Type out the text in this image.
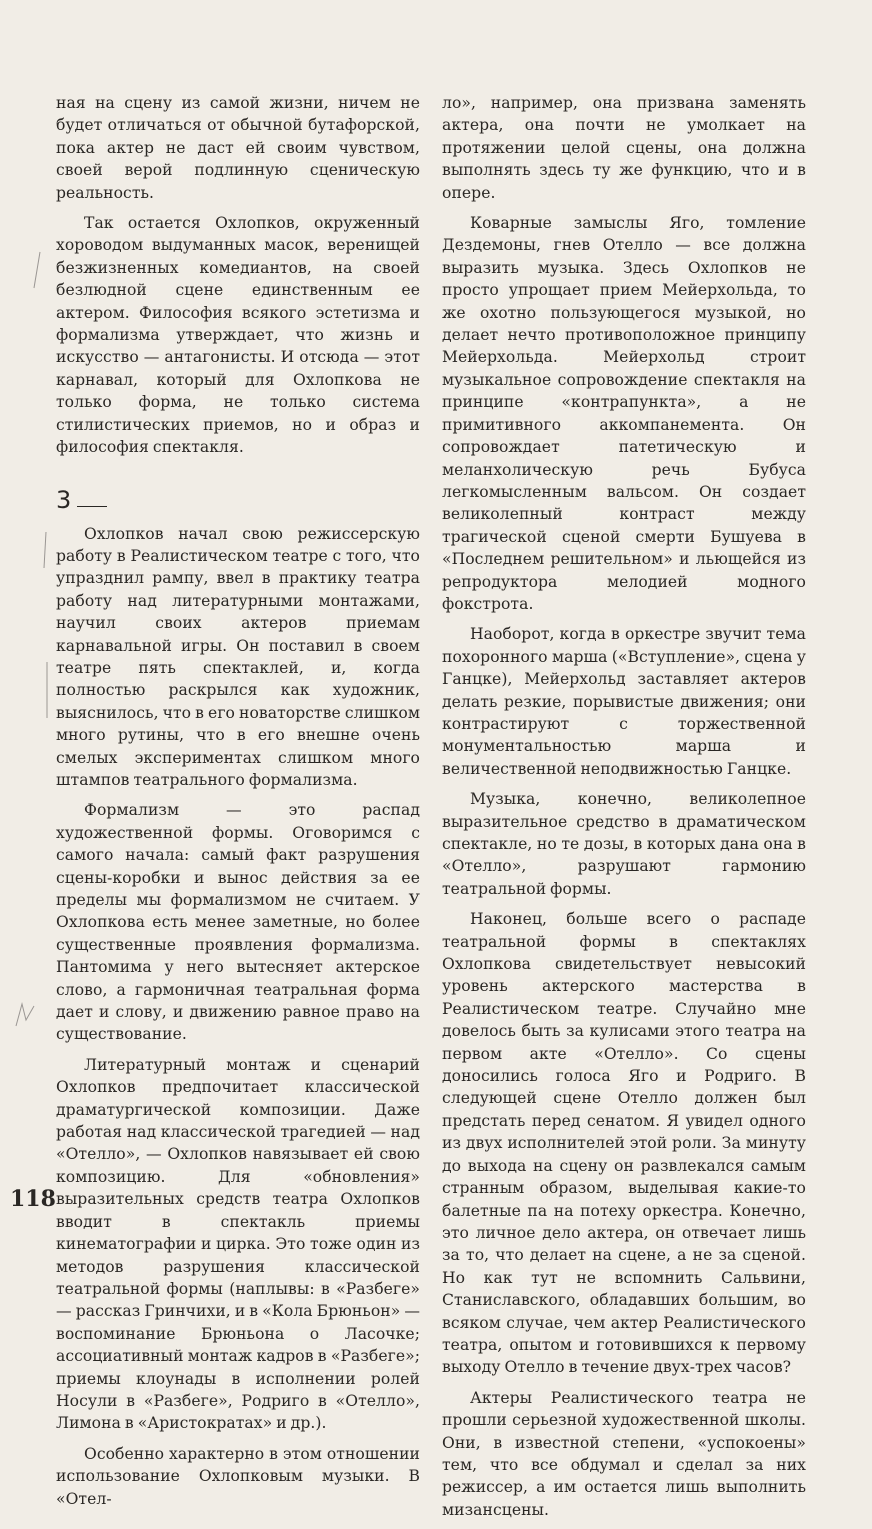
ная на сцену из самой жизни, ничем не будет отличаться от обычной бутафорской, пока актер не даст ей своим чувством, своей верой подлинную сценическую реальность.

Так остается Охлопков, окруженный хороводом выдуманных масок, веренищей безжизненных комедиантов, на своей безлюдной сцене единственным ее актером. Философия всякого эстетизма и формализма утверждает, что жизнь и искусство — антагонисты. И отсюда — этот карнавал, который для Охлопкова не только форма, не только система стилистических приемов, но и образ и философия спектакля.

3

Охлопков начал свою режиссерскую работу в Реалистическом театре с того, что упразднил рампу, ввел в практику театра работу над литературными монтажами, научил своих актеров приемам карнавальной игры. Он поставил в своем театре пять спектаклей, и, когда полностью раскрылся как художник, выяснилось, что в его новаторстве слишком много рутины, что в его внешне очень смелых экспериментах слишком много штампов театрального формализма.

Формализм — это распад художественной формы. Оговоримся с самого начала: самый факт разрушения сцены-коробки и вынос действия за ее пределы мы формализмом не считаем. У Охлопкова есть менее заметные, но более существенные проявления формализма. Пантомима у него вытесняет актерское слово, а гармоничная театральная форма дает и слову, и движению равное право на существование.

Литературный монтаж и сценарий Охлопков предпочитает классической драматургической композиции. Даже работая над классической трагедией — над «Отелло», — Охлопков навязывает ей свою композицию. Для «обновления» выразительных средств театра Охлопков вводит в спектакль приемы кинематографии и цирка. Это тоже один из методов разрушения классической театральной формы (наплывы: в «Разбеге» — рассказ Гринчихи, и в «Кола Брюньон» — воспоминание Брюньона о Ласочке; ассоциативный монтаж кадров в «Разбеге»; приемы клоунады в исполнении ролей Носули в «Разбеге», Родриго в «Отелло», Лимона в «Аристократах» и др.).

Особенно характерно в этом отношении использование Охлопковым музыки. В «Отел-

ло», например, она призвана заменять актера, она почти не умолкает на протяжении целой сцены, она должна выполнять здесь ту же функцию, что и в опере.

Коварные замыслы Яго, томление Дездемоны, гнев Отелло — все должна выразить музыка. Здесь Охлопков не просто упрощает прием Мейерхольда, то же охотно пользующегося музыкой, но делает нечто противоположное принципу Мейерхольда. Мейерхольд строит музыкальное сопровождение спектакля на принципе «контрапункта», а не примитивного аккомпанемента. Он сопровождает патетическую и меланхолическую речь Бубуса легкомысленным вальсом. Он создает великолепный контраст между трагической сценой смерти Бушуева в «Последнем решительном» и льющейся из репродуктора мелодией модного фокстрота.

Наоборот, когда в оркестре звучит тема похоронного марша («Вступление», сцена у Ганцке), Мейерхольд заставляет актеров делать резкие, порывистые движения; они контрастируют с торжественной монументальностью марша и величественной неподвижностью Ганцке.

Музыка, конечно, великолепное выразительное средство в драматическом спектакле, но те дозы, в которых дана она в «Отелло», разрушают гармонию театральной формы.

Наконец, больше всего о распаде театральной формы в спектаклях Охлопкова свидетельствует невысокий уровень актерского мастерства в Реалистическом театре. Случайно мне довелось быть за кулисами этого театра на первом акте «Отелло». Со сцены доносились голоса Яго и Родриго. В следующей сцене Отелло должен был предстать перед сенатом. Я увидел одного из двух исполнителей этой роли. За минуту до выхода на сцену он развлекался самым странным образом, выделывая какие-то балетные па на потеху оркестра. Конечно, это личное дело актера, он отвечает лишь за то, что делает на сцене, а не за сценой. Но как тут не вспомнить Сальвини, Станиславского, обладавших большим, во всяком случае, чем актер Реалистического театра, опытом и готовившихся к первому выходу Отелло в течение двух-трех часов?

Актеры Реалистического театра не прошли серьезной художественной школы. Они, в известной степени, «успокоены» тем, что все обдумал и сделал за них режиссер, а им остается лишь выполнить мизансцены.

118
